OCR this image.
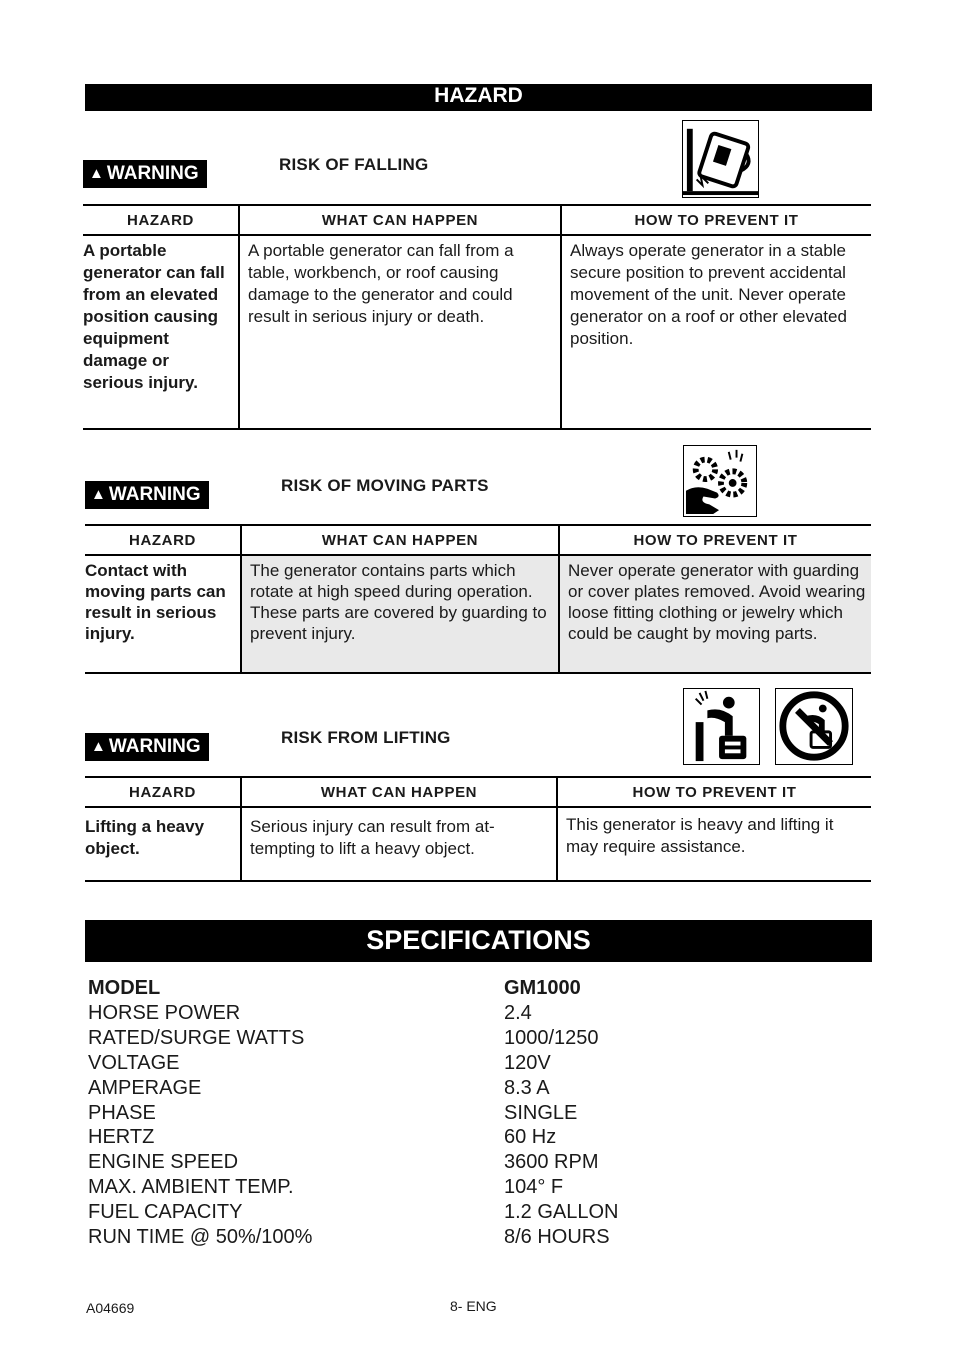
HAZARD
▲ WARNING	RISK OF FALLING
HAZARD	WHAT CAN HAPPEN	HOW TO PREVENT IT
A portable generator can fall from an elevated position causing equipment damage or serious injury.	A portable generator can fall from a table, workbench, or roof causing damage to the generator and could result in serious injury or death.	Always operate generator in a stable secure position to prevent accidental movement of the unit. Never operate generator on a roof or other elevated position.
▲ WARNING	RISK OF MOVING PARTS
HAZARD	WHAT CAN HAPPEN	HOW TO PREVENT IT
Contact with moving parts can result in serious injury.	The generator contains parts which rotate at high speed during operation. These parts are covered by guarding to prevent injury.	Never operate generator with guarding or cover plates removed. Avoid wearing loose fitting clothing or jewelry which could be caught by moving parts.
▲ WARNING	RISK FROM LIFTING
HAZARD	WHAT CAN HAPPEN	HOW TO PREVENT IT
Lifting a heavy object.	Serious injury can result from at-tempting to lift a heavy object.	This generator is heavy and lifting it may require assistance.
SPECIFICATIONS
MODEL	GM1000
HORSE POWER	2.4
RATED/SURGE WATTS	1000/1250
VOLTAGE	120V
AMPERAGE	8.3 A
PHASE	SINGLE
HERTZ	60 Hz
ENGINE SPEED	3600 RPM
MAX. AMBIENT TEMP.	104° F
FUEL CAPACITY	1.2 GALLON
RUN TIME @ 50%/100%	8/6 HOURS
A04669	8- ENG
